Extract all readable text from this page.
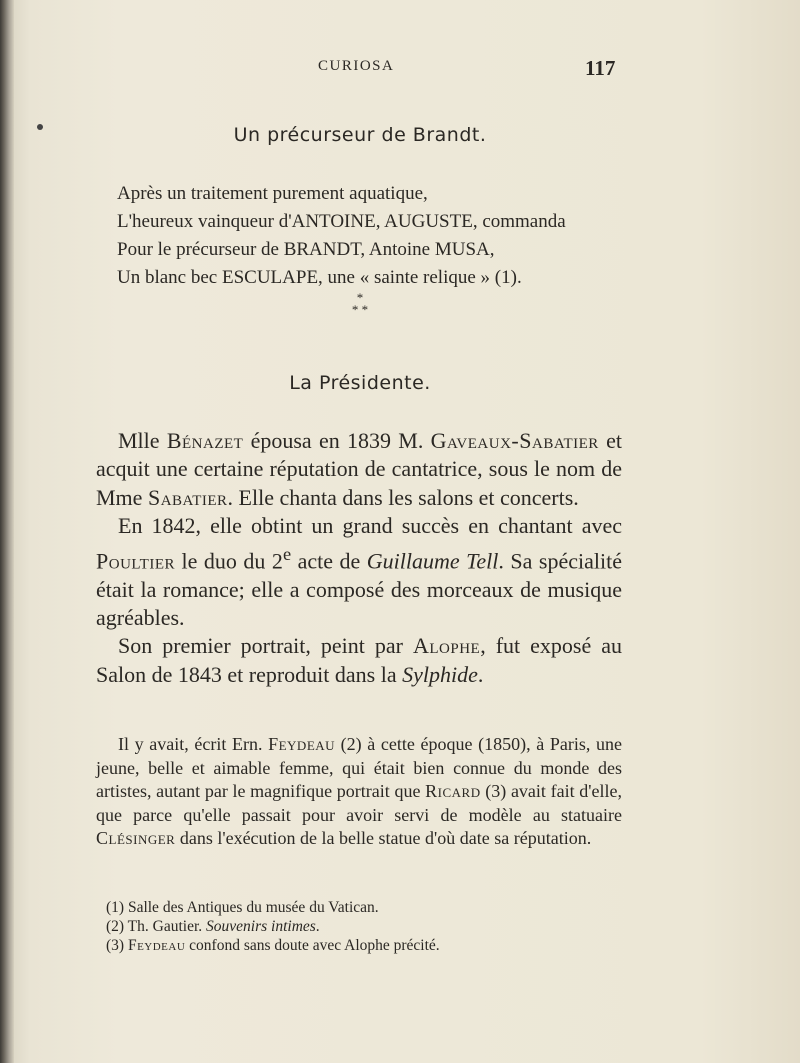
CURIOSA	117
Un précurseur de Brandt.
Après un traitement purement aquatique,
L'heureux vainqueur d'ANTOINE, AUGUSTE, commanda
Pour le précurseur de BRANDT, Antoine MUSA,
Un blanc bec ESCULAPE, une « sainte relique » (1).
*
* *
La Présidente.

Mlle Bénazet épousa en 1839 M. Gaveaux-Sabatier et acquit une certaine réputation de cantatrice, sous le nom de Mme Sabatier. Elle chanta dans les salons et concerts.

En 1842, elle obtint un grand succès en chantant avec Poultier le duo du 2e acte de Guillaume Tell. Sa spécialité était la romance; elle a composé des morceaux de musique agréables.

Son premier portrait, peint par Alophe, fut exposé au Salon de 1843 et reproduit dans la Sylphide.

Il y avait, écrit Ern. Feydeau (2) à cette époque (1850), à Paris, une jeune, belle et aimable femme, qui était bien connue du monde des artistes, autant par le magnifique portrait que Ricard (3) avait fait d'elle, que parce qu'elle passait pour avoir servi de modèle au statuaire Clésinger dans l'exécution de la belle statue d'où date sa réputation.

(1) Salle des Antiques du musée du Vatican.
(2) Th. Gautier. Souvenirs intimes.
(3) Feydeau confond sans doute avec Alophe précité.
